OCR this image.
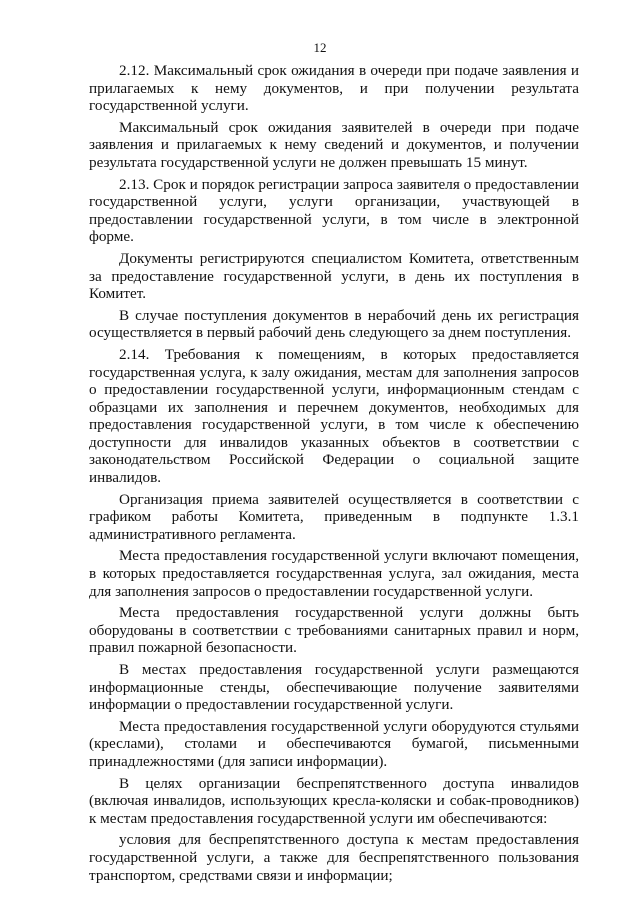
12

2.12. Максимальный срок ожидания в очереди при подаче заявления и прилагаемых к нему документов, и при получении результата государственной услуги.

Максимальный срок ожидания заявителей в очереди при подаче заявления и прилагаемых к нему сведений и документов, и получении результата государственной услуги не должен превышать 15 минут.

2.13. Срок и порядок регистрации запроса заявителя о предоставлении государственной услуги, услуги организации, участвующей в предоставлении государственной услуги, в том числе в электронной форме.

Документы регистрируются специалистом Комитета, ответственным за предоставление государственной услуги, в день их поступления в Комитет.

В случае поступления документов в нерабочий день их регистрация осуществляется в первый рабочий день следующего за днем поступления.

2.14. Требования к помещениям, в которых предоставляется государственная услуга, к залу ожидания, местам для заполнения запросов о предоставлении государственной услуги, информационным стендам с образцами их заполнения и перечнем документов, необходимых для предоставления государственной услуги, в том числе к обеспечению доступности для инвалидов указанных объектов в соответствии с законодательством Российской Федерации о социальной защите инвалидов.

Организация приема заявителей осуществляется в соответствии с графиком работы Комитета, приведенным в подпункте 1.3.1 административного регламента.

Места предоставления государственной услуги включают помещения, в которых предоставляется государственная услуга, зал ожидания, места для заполнения запросов о предоставлении государственной услуги.

Места предоставления государственной услуги должны быть оборудованы в соответствии с требованиями санитарных правил и норм, правил пожарной безопасности.

В местах предоставления государственной услуги размещаются информационные стенды, обеспечивающие получение заявителями информации о предоставлении государственной услуги.

Места предоставления государственной услуги оборудуются стульями (креслами), столами и обеспечиваются бумагой, письменными принадлежностями (для записи информации).

В целях организации беспрепятственного доступа инвалидов (включая инвалидов, использующих кресла-коляски и собак-проводников) к местам предоставления государственной услуги им обеспечиваются:

условия для беспрепятственного доступа к местам предоставления государственной услуги, а также для беспрепятственного пользования транспортом, средствами связи и информации;
